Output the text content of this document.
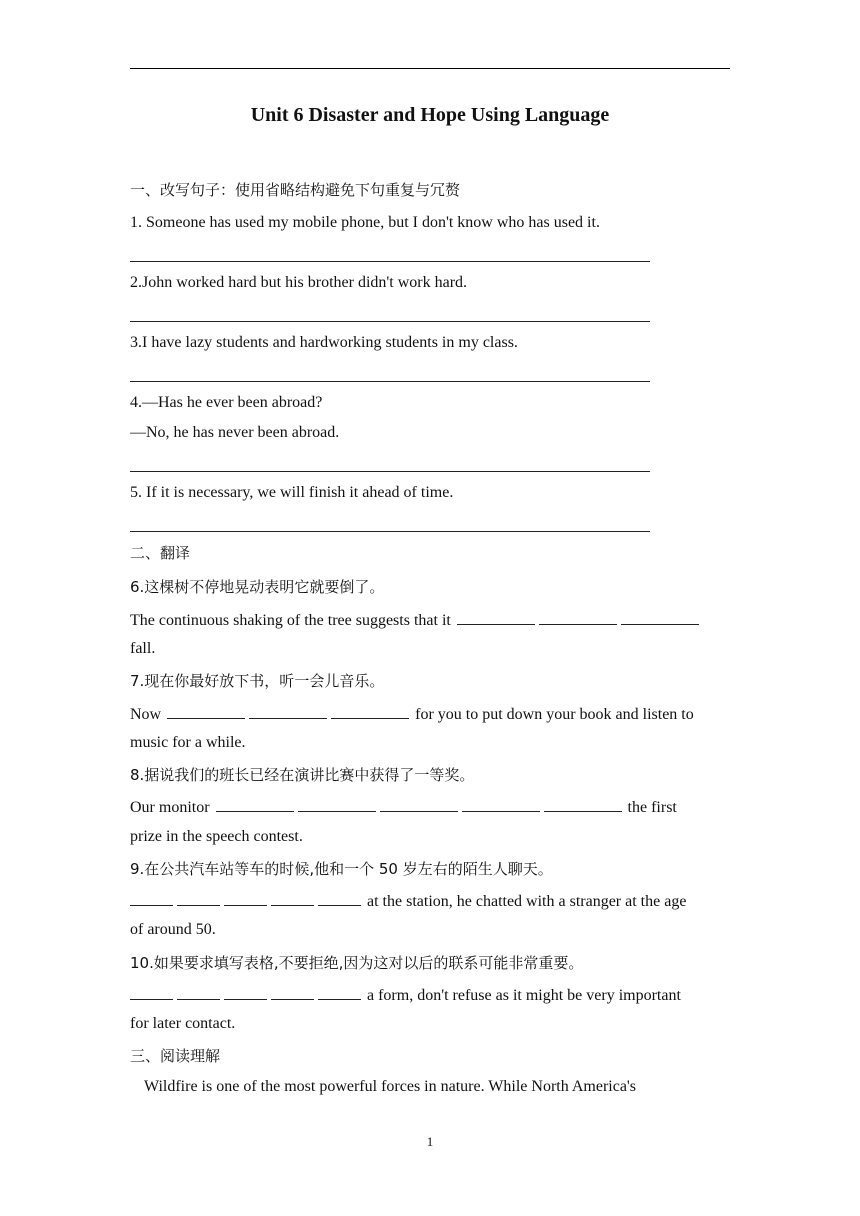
Unit 6 Disaster and Hope Using Language
一、改写句子：使用省略结构避免下句重复与冗赘
1. Someone has used my mobile phone, but I don't know who has used it.
2.John worked hard but his brother didn't work hard.
3.I have lazy students and hardworking students in my class.
4.—Has he ever been abroad?
—No, he has never been abroad.
5. If it is necessary, we will finish it ahead of time.
二、翻译
6.这棵树不停地晃动表明它就要倒了。
The continuous shaking of the tree suggests that it
fall.
7.现在你最好放下书，听一会儿音乐。
Now	for you to put down your book and listen to
music for a while.
8.据说我们的班长已经在演讲比赛中获得了一等奖。
Our monitor	the first
prize in the speech contest.
9.在公共汽车站等车的时候,他和一个 50 岁左右的陌生人聊天。
at the station, he chatted with a stranger at the age
of around 50.
10.如果要求填写表格,不要拒绝,因为这对以后的联系可能非常重要。
a form, don't refuse as it might be very important
for later contact.
三、阅读理解
Wildfire is one of the most powerful forces in nature. While North America's
1
